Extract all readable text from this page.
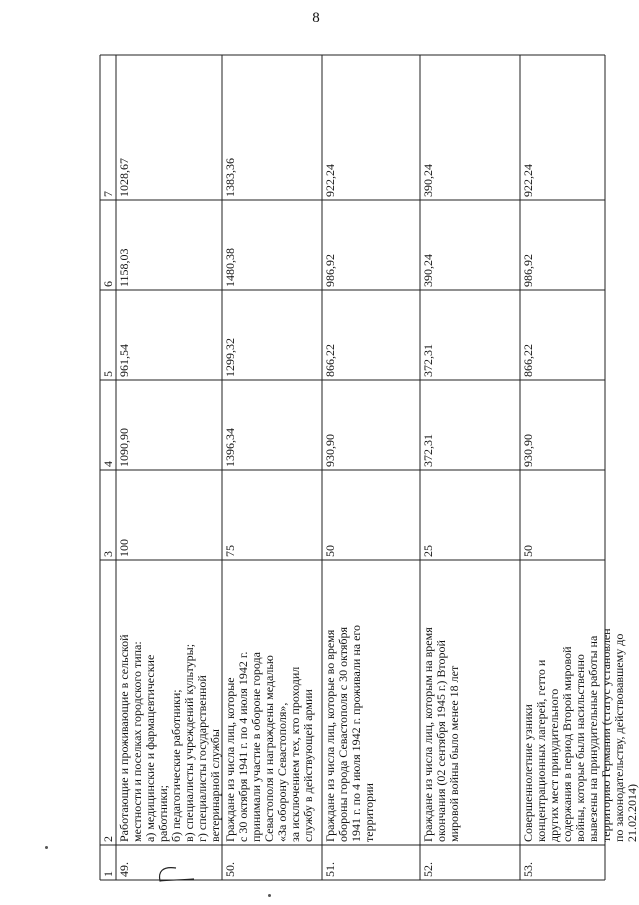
8
1
2
3
4
5
6
7
49.
Работающие и проживающие в сельской местности и поселках городского типа: а) медицинские и фармацевтические работники; б) педагогические работники; в) специалисты учреждений культуры; г) специалисты государственной ветеринарной службы
100
1090,90
961,54
1158,03
1028,67
50.
Граждане из числа лиц, которые с 30 октября 1941 г. по 4 июля 1942 г. принимали участие в обороне города Севастополя и награждены медалью «За оборону Севастополя», за исключением тех, кто проходил службу в действующей армии
75
1396,34
1299,32
1480,38
1383,36
51.
Граждане из числа лиц, которые во время обороны города Севастополя с 30 октября 1941 г. по 4 июля 1942 г. проживали на его территории
50
930,90
866,22
986,92
922,24
52.
Граждане из числа лиц, которым на время окончания (02 сентября 1945 г.) Второй мировой войны было менее 18 лет
25
372,31
372,31
390,24
390,24
53.
Совершеннолетние узники концентрационных лагерей, гетто и других мест принудительного содержания в период Второй мировой войны, которые были насильственно вывезены на принудительные работы на территорию Германии (статус установлен по законодательству, действовавшему до 21.02.2014)
50
930,90
866,22
986,92
922,24
